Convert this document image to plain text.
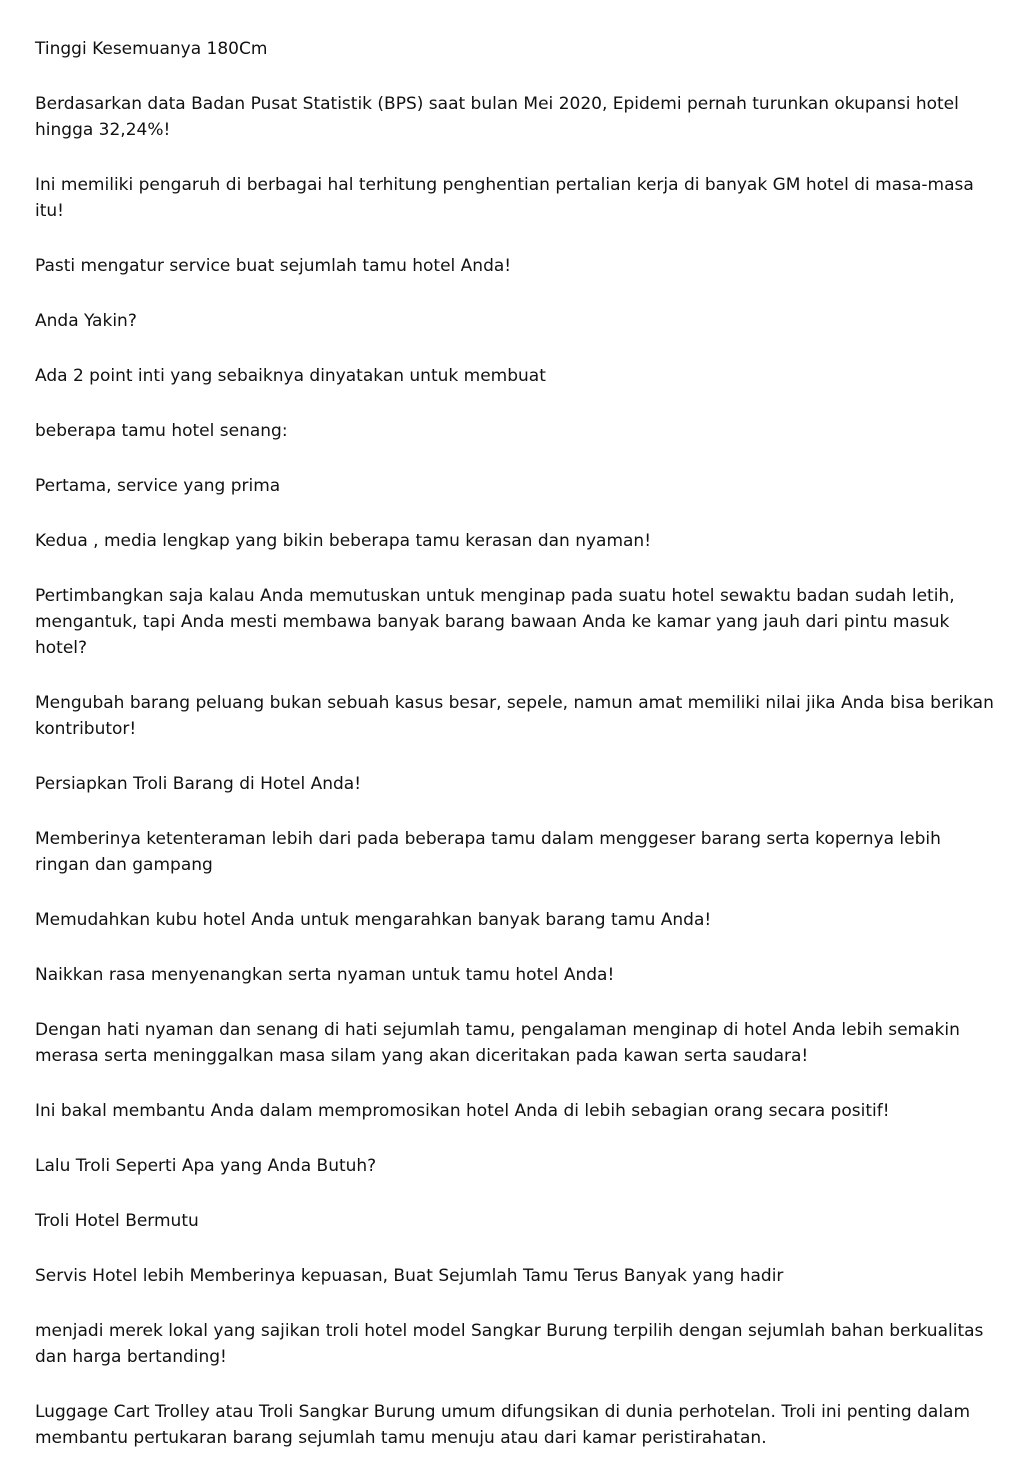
Tinggi Kesemuanya 180Cm

Berdasarkan data Badan Pusat Statistik (BPS) saat bulan Mei 2020, Epidemi pernah turunkan okupansi hotel hingga 32,24%!

Ini memiliki pengaruh di berbagai hal terhitung penghentian pertalian kerja di banyak GM hotel di masa-masa itu!

Pasti mengatur service buat sejumlah tamu hotel Anda!

Anda Yakin?

Ada 2 point inti yang sebaiknya dinyatakan untuk membuat

beberapa tamu hotel senang:

Pertama, service yang prima

Kedua , media lengkap yang bikin beberapa tamu kerasan dan nyaman!

Pertimbangkan saja kalau Anda memutuskan untuk menginap pada suatu hotel sewaktu badan sudah letih, mengantuk, tapi Anda mesti membawa banyak barang bawaan Anda ke kamar yang jauh dari pintu masuk hotel?

Mengubah barang peluang bukan sebuah kasus besar, sepele, namun amat memiliki nilai jika Anda bisa berikan kontributor!

Persiapkan Troli Barang di Hotel Anda!

Memberinya ketenteraman lebih dari pada beberapa tamu dalam menggeser barang serta kopernya lebih ringan dan gampang

Memudahkan kubu hotel Anda untuk mengarahkan banyak barang tamu Anda!

Naikkan rasa menyenangkan serta nyaman untuk tamu hotel Anda!

Dengan hati nyaman dan senang di hati sejumlah tamu, pengalaman menginap di hotel Anda lebih semakin merasa serta meninggalkan masa silam yang akan diceritakan pada kawan serta saudara!

Ini bakal membantu Anda dalam mempromosikan hotel Anda di lebih sebagian orang secara positif!

Lalu Troli Seperti Apa yang Anda Butuh?

Troli Hotel Bermutu

Servis Hotel lebih Memberinya kepuasan, Buat Sejumlah Tamu Terus Banyak yang hadir

menjadi merek lokal yang sajikan troli hotel model Sangkar Burung terpilih dengan sejumlah bahan berkualitas dan harga bertanding!

Luggage Cart Trolley atau Troli Sangkar Burung umum difungsikan di dunia perhotelan. Troli ini penting dalam membantu pertukaran barang sejumlah tamu menuju atau dari kamar peristirahatan.
